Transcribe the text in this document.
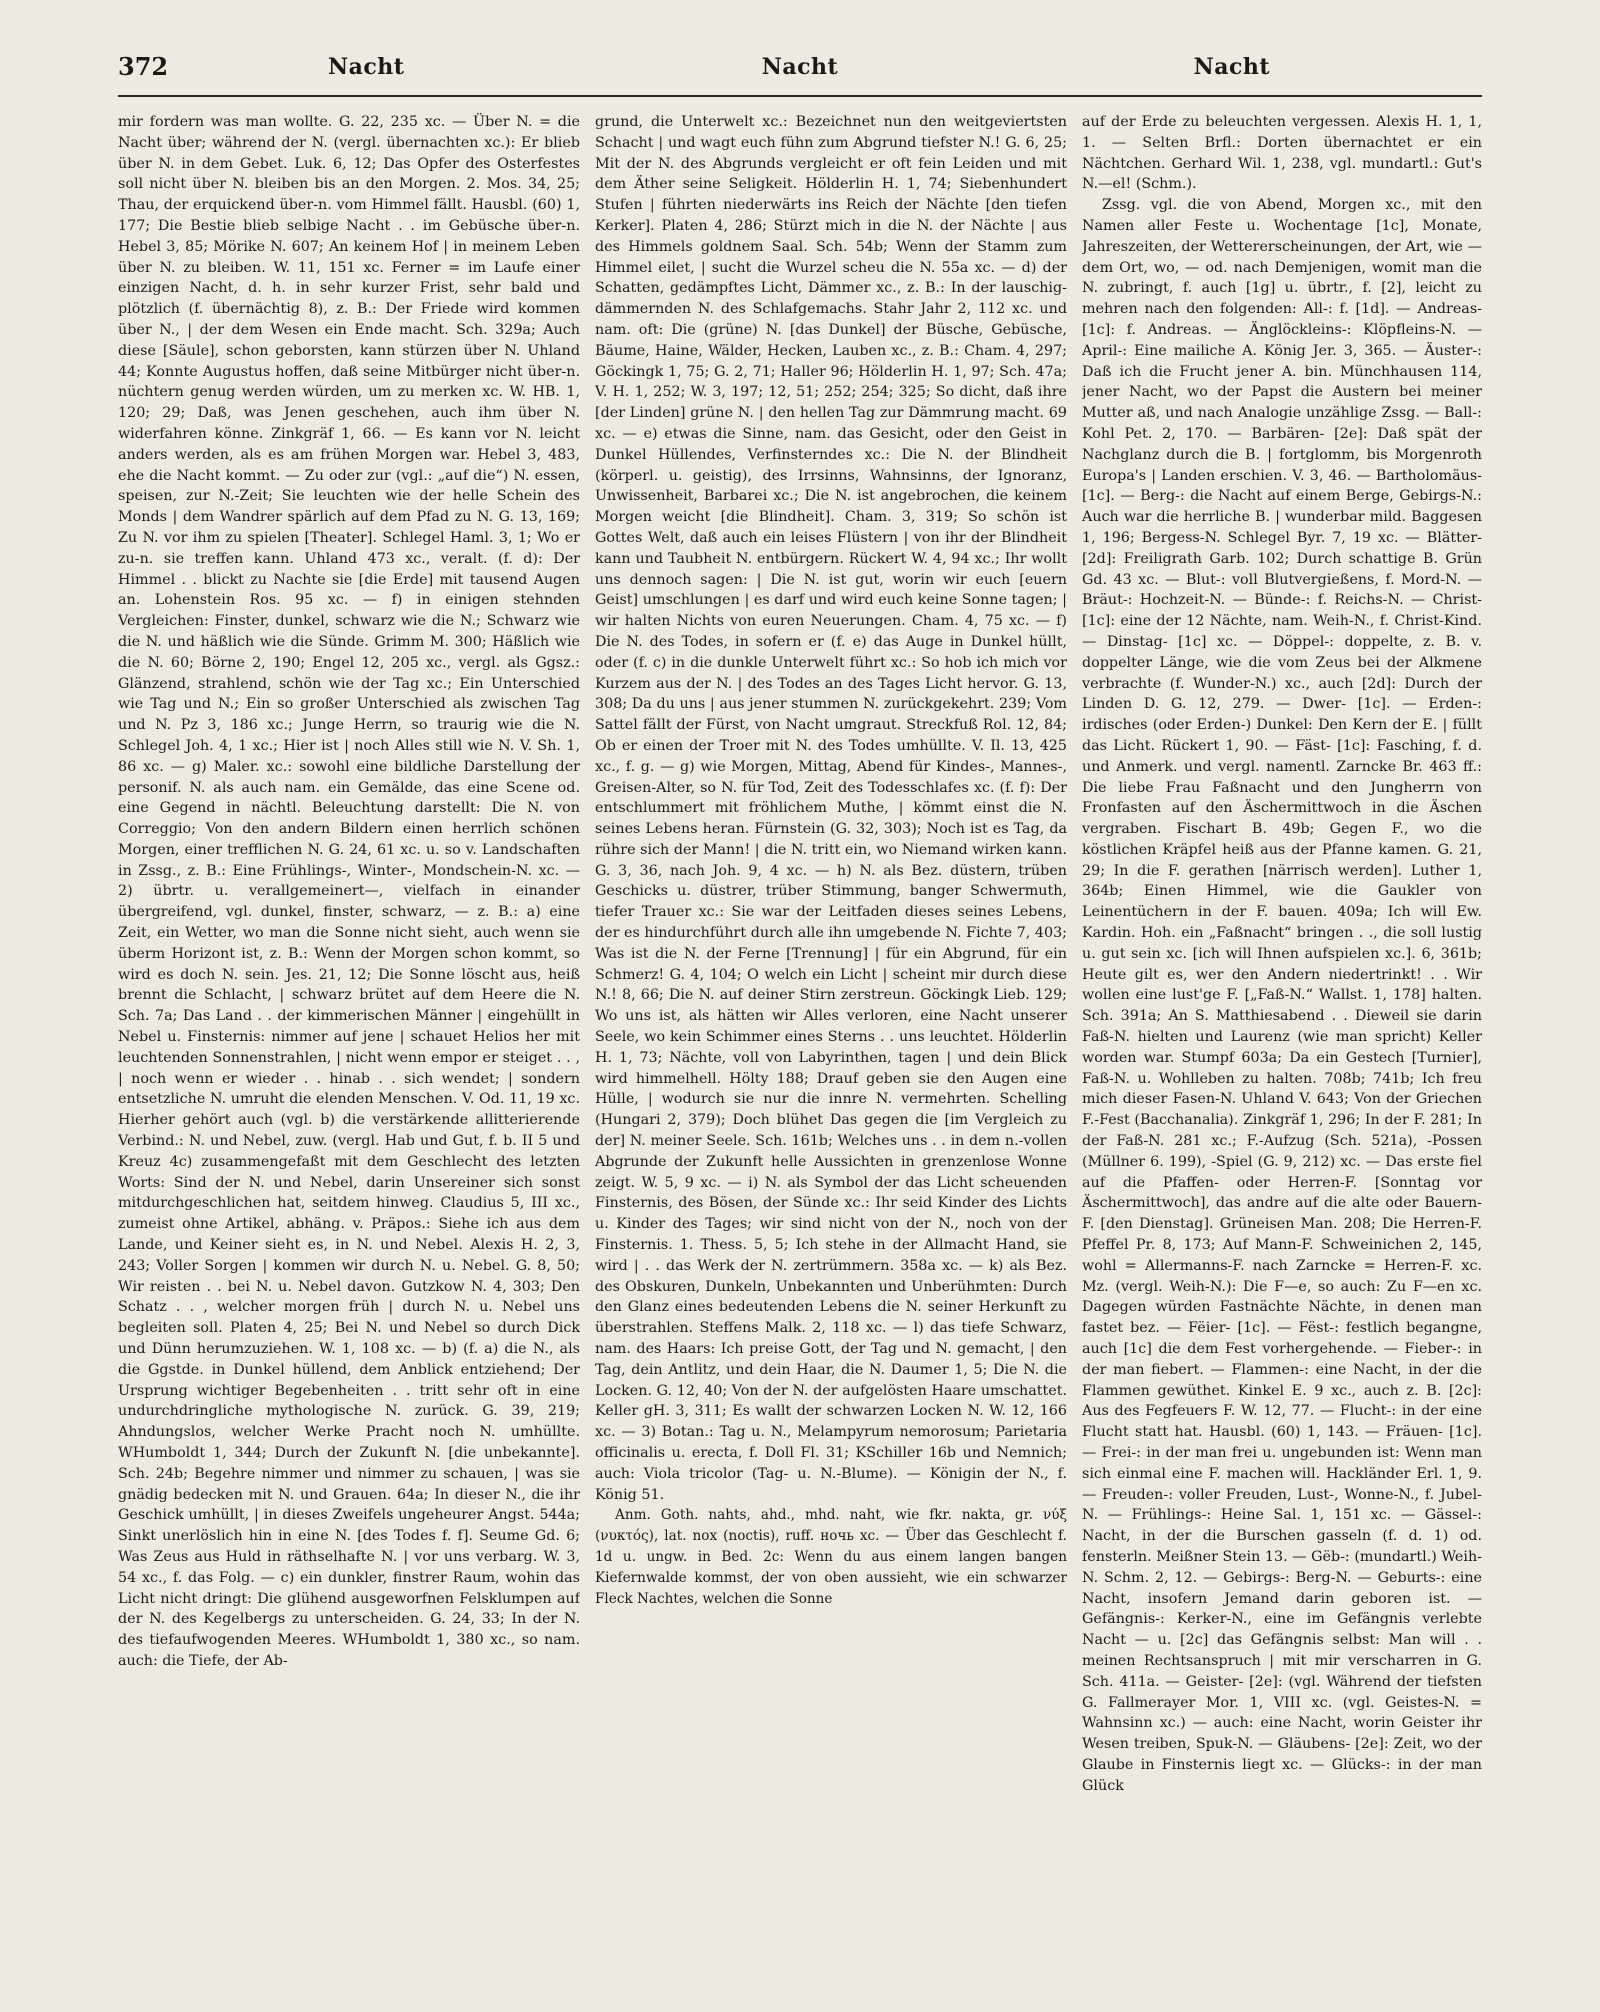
372	Nacht	Nacht	Nacht

mir fordern was man wollte. G. 22, 235 xc. — Über N. = die Nacht über; während der N. (vergl. übernachten xc.): Er blieb über N. in dem Gebet. Luk. 6, 12; Das Opfer des Osterfestes soll nicht über N. bleiben bis an den Morgen. 2. Mos. 34, 25; Thau, der erquickend über-n. vom Himmel fällt. Hausbl. (60) 1, 177; Die Bestie blieb selbige Nacht . . im Gebüsche über-n. Hebel 3, 85; Mörike N. 607; An keinem Hof | in meinem Leben über N. zu bleiben. W. 11, 151 xc. Ferner = im Laufe einer einzigen Nacht, d. h. in sehr kurzer Frist, sehr bald und plötzlich (f. übernächtig 8), z. B.: Der Friede wird kommen über N., | der dem Wesen ein Ende macht. Sch. 329a; Auch diese [Säule], schon geborsten, kann stürzen über N. Uhland 44; Konnte Augustus hoffen, daß seine Mitbürger nicht über-n. nüchtern genug werden würden, um zu merken xc. W. HB. 1, 120; 29; Daß, was Jenen geschehen, auch ihm über N. widerfahren könne. Zinkgräf 1, 66. — Es kann vor N. leicht anders werden, als es am frühen Morgen war. Hebel 3, 483, ehe die Nacht kommt. — Zu oder zur (vgl.: „auf die“) N. essen, speisen, zur N.-Zeit; Sie leuchten wie der helle Schein des Monds | dem Wandrer spärlich auf dem Pfad zu N. G. 13, 169; Zu N. vor ihm zu spielen [Theater]. Schlegel Haml. 3, 1; Wo er zu-n. sie treffen kann. Uhland 473 xc., veralt. (f. d): Der Himmel . . blickt zu Nachte sie [die Erde] mit tausend Augen an. Lohenstein Ros. 95 xc. — f) in einigen stehnden Vergleichen: Finster, dunkel, schwarz wie die N.; Schwarz wie die N. und häßlich wie die Sünde. Grimm M. 300; Häßlich wie die N. 60; Börne 2, 190; Engel 12, 205 xc., vergl. als Ggsz.: Glänzend, strahlend, schön wie der Tag xc.; Ein Unterschied wie Tag und N.; Ein so großer Unterschied als zwischen Tag und N. Pz 3, 186 xc.; Junge Herrn, so traurig wie die N. Schlegel Joh. 4, 1 xc.; Hier ist | noch Alles still wie N. V. Sh. 1, 86 xc. — g) Maler. xc.: sowohl eine bildliche Darstellung der personif. N. als auch nam. ein Gemälde, das eine Scene od. eine Gegend in nächtl. Beleuchtung darstellt: Die N. von Correggio; Von den andern Bildern einen herrlich schönen Morgen, einer trefflichen N. G. 24, 61 xc. u. so v. Landschaften in Zssg., z. B.: Eine Frühlings-, Winter-, Mondschein-N. xc. — 2) übrtr. u. verallgemeinert—, vielfach in einander übergreifend, vgl. dunkel, finster, schwarz, — z. B.: a) eine Zeit, ein Wetter, wo man die Sonne nicht sieht, auch wenn sie überm Horizont ist, z. B.: Wenn der Morgen schon kommt, so wird es doch N. sein. Jes. 21, 12; Die Sonne löscht aus, heiß brennt die Schlacht, | schwarz brütet auf dem Heere die N. Sch. 7a; Das Land . . der kimmerischen Männer | eingehüllt in Nebel u. Finsternis: nimmer auf jene | schauet Helios her mit leuchtenden Sonnenstrahlen, | nicht wenn empor er steiget . . , | noch wenn er wieder . . hinab . . sich wendet; | sondern entsetzliche N. umruht die elenden Menschen. V. Od. 11, 19 xc. Hierher gehört auch (vgl. b) die verstärkende allitterierende Verbind.: N. und Nebel, zuw. (vergl. Hab und Gut, f. b. II 5 und Kreuz 4c) zusammengefaßt mit dem Geschlecht des letzten Worts: Sind der N. und Nebel, darin Unsereiner sich sonst mitdurchgeschlichen hat, seitdem hinweg. Claudius 5, III xc., zumeist ohne Artikel, abhäng. v. Präpos.: Siehe ich aus dem Lande, und Keiner sieht es, in N. und Nebel. Alexis H. 2, 3, 243; Voller Sorgen | kommen wir durch N. u. Nebel. G. 8, 50; Wir reisten . . bei N. u. Nebel davon. Gutzkow N. 4, 303; Den Schatz . . , welcher morgen früh | durch N. u. Nebel uns begleiten soll. Platen 4, 25; Bei N. und Nebel so durch Dick und Dünn herumzuziehen. W. 1, 108 xc. — b) (f. a) die N., als die Ggstde. in Dunkel hüllend, dem Anblick entziehend; Der Ursprung wichtiger Begebenheiten . . tritt sehr oft in eine undurchdringliche mythologische N. zurück. G. 39, 219; Ahndungslos, welcher Werke Pracht noch N. umhüllte. WHumboldt 1, 344; Durch der Zukunft N. [die unbekannte]. Sch. 24b; Begehre nimmer und nimmer zu schauen, | was sie gnädig bedecken mit N. und Grauen. 64a; In dieser N., die ihr Geschick umhüllt, | in dieses Zweifels ungeheurer Angst. 544a; Sinkt unerlöslich hin in eine N. [des Todes f. f]. Seume Gd. 6; Was Zeus aus Huld in räthselhafte N. | vor uns verbarg. W. 3, 54 xc., f. das Folg. — c) ein dunkler, finstrer Raum, wohin das Licht nicht dringt: Die glühend ausgeworfnen Felsklumpen auf der N. des Kegelbergs zu unterscheiden. G. 24, 33; In der N. des tiefaufwogenden Meeres. WHumboldt 1, 380 xc., so nam. auch: die Tiefe, der Ab-

grund, die Unterwelt xc.: Bezeichnet nun den weitgeviertsten Schacht | und wagt euch fühn zum Abgrund tiefster N.! G. 6, 25; Mit der N. des Abgrunds vergleicht er oft fein Leiden und mit dem Äther seine Seligkeit. Hölderlin H. 1, 74; Siebenhundert Stufen | führten niederwärts ins Reich der Nächte [den tiefen Kerker]. Platen 4, 286; Stürzt mich in die N. der Nächte | aus des Himmels goldnem Saal. Sch. 54b; Wenn der Stamm zum Himmel eilet, | sucht die Wurzel scheu die N. 55a xc. — d) der Schatten, gedämpftes Licht, Dämmer xc., z. B.: In der lauschig-dämmernden N. des Schlafgemachs. Stahr Jahr 2, 112 xc. und nam. oft: Die (grüne) N. [das Dunkel] der Büsche, Gebüsche, Bäume, Haine, Wälder, Hecken, Lauben xc., z. B.: Cham. 4, 297; Göckingk 1, 75; G. 2, 71; Haller 96; Hölderlin H. 1, 97; Sch. 47a; V. H. 1, 252; W. 3, 197; 12, 51; 252; 254; 325; So dicht, daß ihre [der Linden] grüne N. | den hellen Tag zur Dämmrung macht. 69 xc. — e) etwas die Sinne, nam. das Gesicht, oder den Geist in Dunkel Hüllendes, Verfinsterndes xc.: Die N. der Blindheit (körperl. u. geistig), des Irrsinns, Wahnsinns, der Ignoranz, Unwissenheit, Barbarei xc.; Die N. ist angebrochen, die keinem Morgen weicht [die Blindheit]. Cham. 3, 319; So schön ist Gottes Welt, daß auch ein leises Flüstern | von ihr der Blindheit kann und Taubheit N. entbürgern. Rückert W. 4, 94 xc.; Ihr wollt uns dennoch sagen: | Die N. ist gut, worin wir euch [euern Geist] umschlungen | es darf und wird euch keine Sonne tagen; | wir halten Nichts von euren Neuerungen. Cham. 4, 75 xc. — f) Die N. des Todes, in sofern er (f. e) das Auge in Dunkel hüllt, oder (f. c) in die dunkle Unterwelt führt xc.: So hob ich mich vor Kurzem aus der N. | des Todes an des Tages Licht hervor. G. 13, 308; Da du uns | aus jener stummen N. zurückgekehrt. 239; Vom Sattel fällt der Fürst, von Nacht umgraut. Streckfuß Rol. 12, 84; Ob er einen der Troer mit N. des Todes umhüllte. V. Il. 13, 425 xc., f. g. — g) wie Morgen, Mittag, Abend für Kindes-, Mannes-, Greisen-Alter, so N. für Tod, Zeit des Todesschlafes xc. (f. f): Der entschlummert mit fröhlichem Muthe, | kömmt einst die N. seines Lebens heran. Fürnstein (G. 32, 303); Noch ist es Tag, da rühre sich der Mann! | die N. tritt ein, wo Niemand wirken kann. G. 3, 36, nach Joh. 9, 4 xc. — h) N. als Bez. düstern, trüben Geschicks u. düstrer, trüber Stimmung, banger Schwermuth, tiefer Trauer xc.: Sie war der Leitfaden dieses seines Lebens, der es hindurchführt durch alle ihn umgebende N. Fichte 7, 403; Was ist die N. der Ferne [Trennung] | für ein Abgrund, für ein Schmerz! G. 4, 104; O welch ein Licht | scheint mir durch diese N.! 8, 66; Die N. auf deiner Stirn zerstreun. Göckingk Lieb. 129; Wo uns ist, als hätten wir Alles verloren, eine Nacht unserer Seele, wo kein Schimmer eines Sterns . . uns leuchtet. Hölderlin H. 1, 73; Nächte, voll von Labyrinthen, tagen | und dein Blick wird himmelhell. Hölty 188; Drauf geben sie den Augen eine Hülle, | wodurch sie nur die innre N. vermehrten. Schelling (Hungari 2, 379); Doch blühet Das gegen die [im Vergleich zu der] N. meiner Seele. Sch. 161b; Welches uns . . in dem n.-vollen Abgrunde der Zukunft helle Aussichten in grenzenlose Wonne zeigt. W. 5, 9 xc. — i) N. als Symbol der das Licht scheuenden Finsternis, des Bösen, der Sünde xc.: Ihr seid Kinder des Lichts u. Kinder des Tages; wir sind nicht von der N., noch von der Finsternis. 1. Thess. 5, 5; Ich stehe in der Allmacht Hand, sie wird | . . das Werk der N. zertrümmern. 358a xc. — k) als Bez. des Obskuren, Dunkeln, Unbekannten und Unberühmten: Durch den Glanz eines bedeutenden Lebens die N. seiner Herkunft zu überstrahlen. Steffens Malk. 2, 118 xc. — l) das tiefe Schwarz, nam. des Haars: Ich preise Gott, der Tag und N. gemacht, | den Tag, dein Antlitz, und dein Haar, die N. Daumer 1, 5; Die N. die Locken. G. 12, 40; Von der N. der aufgelösten Haare umschattet. Keller gH. 3, 311; Es wallt der schwarzen Locken N. W. 12, 166 xc. — 3) Botan.: Tag u. N., Melampyrum nemorosum; Parietaria officinalis u. erecta, f. Doll Fl. 31; KSchiller 16b und Nemnich; auch: Viola tricolor (Tag- u. N.-Blume). — Königin der N., f. König 51.

Anm. Goth. nahts, ahd., mhd. naht, wie fkr. nakta, gr. νύξ (νυκτός), lat. nox (noctis), ruff. ночь xc. — Über das Geschlecht f. 1d u. ungw. in Bed. 2c: Wenn du aus einem langen bangen Kiefernwalde kommst, der von oben aussieht, wie ein schwarzer Fleck Nachtes, welchen die Sonne

auf der Erde zu beleuchten vergessen. Alexis H. 1, 1, 1. — Selten Brfl.: Dorten übernachtet er ein Nächtchen. Gerhard Wil. 1, 238, vgl. mundartl.: Gut's N.—el! (Schm.).

Zssg. vgl. die von Abend, Morgen xc., mit den Namen aller Feste u. Wochentage [1c], Monate, Jahreszeiten, der Wettererscheinungen, der Art, wie — dem Ort, wo, — od. nach Demjenigen, womit man die N. zubringt, f. auch [1g] u. übrtr., f. [2], leicht zu mehren nach den folgenden: All-: f. [1d]. — Andreas-[1c]: f. Andreas. — Änglöckleins-: Klöpfleins-N. — April-: Eine mailiche A. König Jer. 3, 365. — Äuster-: Daß ich die Frucht jener A. bin. Münchhausen 114, jener Nacht, wo der Papst die Austern bei meiner Mutter aß, und nach Analogie unzählige Zssg. — Ball-: Kohl Pet. 2, 170. — Barbären- [2e]: Daß spät der Nachglanz durch die B. | fortglomm, bis Morgenroth Europa's | Landen erschien. V. 3, 46. — Bartholomäus- [1c]. — Berg-: die Nacht auf einem Berge, Gebirgs-N.: Auch war die herrliche B. | wunderbar mild. Baggesen 1, 196; Bergess-N. Schlegel Byr. 7, 19 xc. — Blätter- [2d]: Freiligrath Garb. 102; Durch schattige B. Grün Gd. 43 xc. — Blut-: voll Blutvergießens, f. Mord-N. — Bräut-: Hochzeit-N. — Bünde-: f. Reichs-N. — Christ- [1c]: eine der 12 Nächte, nam. Weih-N., f. Christ-Kind. — Dinstag- [1c] xc. — Döppel-: doppelte, z. B. v. doppelter Länge, wie die vom Zeus bei der Alkmene verbrachte (f. Wunder-N.) xc., auch [2d]: Durch der Linden D. G. 12, 279. — Dwer- [1c]. — Erden-: irdisches (oder Erden-) Dunkel: Den Kern der E. | füllt das Licht. Rückert 1, 90. — Fäst- [1c]: Fasching, f. d. und Anmerk. und vergl. namentl. Zarncke Br. 463 ff.: Die liebe Frau Faßnacht und den Jungherrn von Fronfasten auf den Äschermittwoch in die Äschen vergraben. Fischart B. 49b; Gegen F., wo die köstlichen Kräpfel heiß aus der Pfanne kamen. G. 21, 29; In die F. gerathen [närrisch werden]. Luther 1, 364b; Einen Himmel, wie die Gaukler von Leinentüchern in der F. bauen. 409a; Ich will Ew. Kardin. Hoh. ein „Faßnacht“ bringen . ., die soll lustig u. gut sein xc. [ich will Ihnen aufspielen xc.]. 6, 361b; Heute gilt es, wer den Andern niedertrinkt! . . Wir wollen eine lust'ge F. [„Faß-N.“ Wallst. 1, 178] halten. Sch. 391a; An S. Matthiesabend . . Dieweil sie darin Faß-N. hielten und Laurenz (wie man spricht) Keller worden war. Stumpf 603a; Da ein Gestech [Turnier], Faß-N. u. Wohlleben zu halten. 708b; 741b; Ich freu mich dieser Fasen-N. Uhland V. 643; Von der Griechen F.-Fest (Bacchanalia). Zinkgräf 1, 296; In der F. 281; In der Faß-N. 281 xc.; F.-Aufzug (Sch. 521a), -Possen (Müllner 6. 199), -Spiel (G. 9, 212) xc. — Das erste fiel auf die Pfaffen- oder Herren-F. [Sonntag vor Äschermittwoch], das andre auf die alte oder Bauern-F. [den Dienstag]. Grüneisen Man. 208; Die Herren-F. Pfeffel Pr. 8, 173; Auf Mann-F. Schweinichen 2, 145, wohl = Allermanns-F. nach Zarncke = Herren-F. xc. Mz. (vergl. Weih-N.): Die F—e, so auch: Zu F—en xc. Dagegen würden Fastnächte Nächte, in denen man fastet bez. — Fëier- [1c]. — Fëst-: festlich begangne, auch [1c] die dem Fest vorhergehende. — Fieber-: in der man fiebert. — Flammen-: eine Nacht, in der die Flammen gewüthet. Kinkel E. 9 xc., auch z. B. [2c]: Aus des Fegfeuers F. W. 12, 77. — Flucht-: in der eine Flucht statt hat. Hausbl. (60) 1, 143. — Fräuen- [1c]. — Frei-: in der man frei u. ungebunden ist: Wenn man sich einmal eine F. machen will. Hackländer Erl. 1, 9. — Freuden-: voller Freuden, Lust-, Wonne-N., f. Jubel-N. — Frühlings-: Heine Sal. 1, 151 xc. — Gässel-: Nacht, in der die Burschen gasseln (f. d. 1) od. fensterln. Meißner Stein 13. — Gëb-: (mundartl.) Weih-N. Schm. 2, 12. — Gebirgs-: Berg-N. — Geburts-: eine Nacht, insofern Jemand darin geboren ist. — Gefängnis-: Kerker-N., eine im Gefängnis verlebte Nacht — u. [2c] das Gefängnis selbst: Man will . . meinen Rechtsanspruch | mit mir verscharren in G. Sch. 411a. — Geister- [2e]: (vgl. Während der tiefsten G. Fallmerayer Mor. 1, VIII xc. (vgl. Geistes-N. = Wahnsinn xc.) — auch: eine Nacht, worin Geister ihr Wesen treiben, Spuk-N. — Gläubens- [2e]: Zeit, wo der Glaube in Finsternis liegt xc. — Glücks-: in der man Glück
